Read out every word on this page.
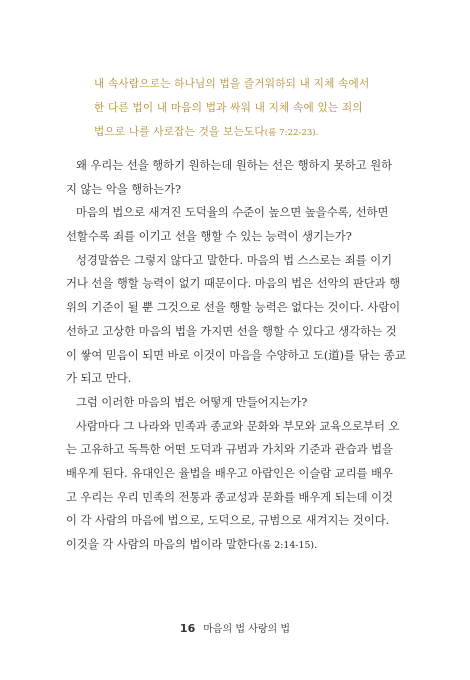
내 속사람으로는 하나님의 법을 즐거워하되 내 지체 속에서
한 다른 법이 내 마음의 법과 싸워 내 지체 속에 있는 죄의
법으로 나를 사로잡는 것을 보는도다(롬 7:22-23).
왜 우리는 선을 행하기 원하는데 원하는 선은 행하지 못하고 원하
지 않는 악을 행하는가?
마음의 법으로 새겨진 도덕율의 수준이 높으면 높을수록, 선하면
선할수록 죄를 이기고 선을 행할 수 있는 능력이 생기는가?
성경말씀은 그렇지 않다고 말한다. 마음의 법 스스로는 죄를 이기
거나 선을 행할 능력이 없기 때문이다. 마음의 법은 선악의 판단과 행
위의 기준이 될 뿐 그것으로 선을 행할 능력은 없다는 것이다. 사람이
선하고 고상한 마음의 법을 가지면 선을 행할 수 있다고 생각하는 것
이 쌓여 믿음이 되면 바로 이것이 마음을 수양하고 도(道)를 닦는 종교
가 되고 만다.
그럼 이러한 마음의 법은 어떻게 만들어지는가?
사람마다 그 나라와 민족과 종교와 문화와 부모와 교육으로부터 오
는 고유하고 독특한 어떤 도덕과 규범과 가치와 기준과 관습과 법을
배우게 된다. 유대인은 율법을 배우고 아랍인은 이슬람 교리를 배우
고 우리는 우리 민족의 전통과 종교성과 문화를 배우게 되는데 이것
이 각 사람의 마음에 법으로, 도덕으로, 규범으로 새겨지는 것이다.
이것을 각 사람의 마음의 법이라 말한다(롬 2:14-15).
16 마음의 법 사랑의 법
